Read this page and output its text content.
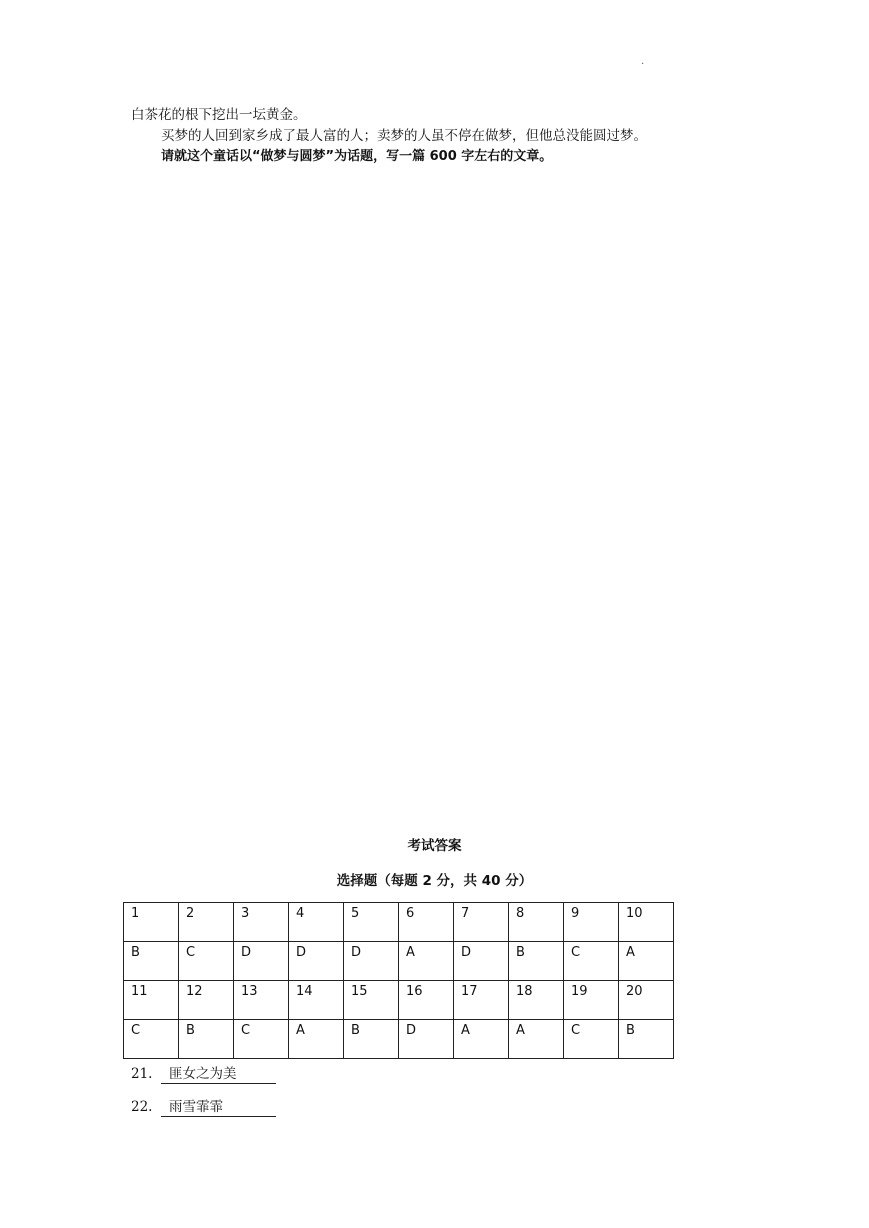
.
白茶花的根下挖出一坛黄金。
买梦的人回到家乡成了最人富的人；卖梦的人虽不停在做梦，但他总没能圆过梦。
请就这个童话以“做梦与圆梦”为话题，写一篇 600 字左右的文章。
考试答案
选择题（每题 2 分，共 40 分）
1	2	3	4	5	6	7	8	9	10

B	C	D	D	D	A	D	B	C	A

11	12	13	14	15	16	17	18	19	20

C	B	C	A	B	D	A	A	C	B
21. 匪女之为美
22. 雨雪霏霏
